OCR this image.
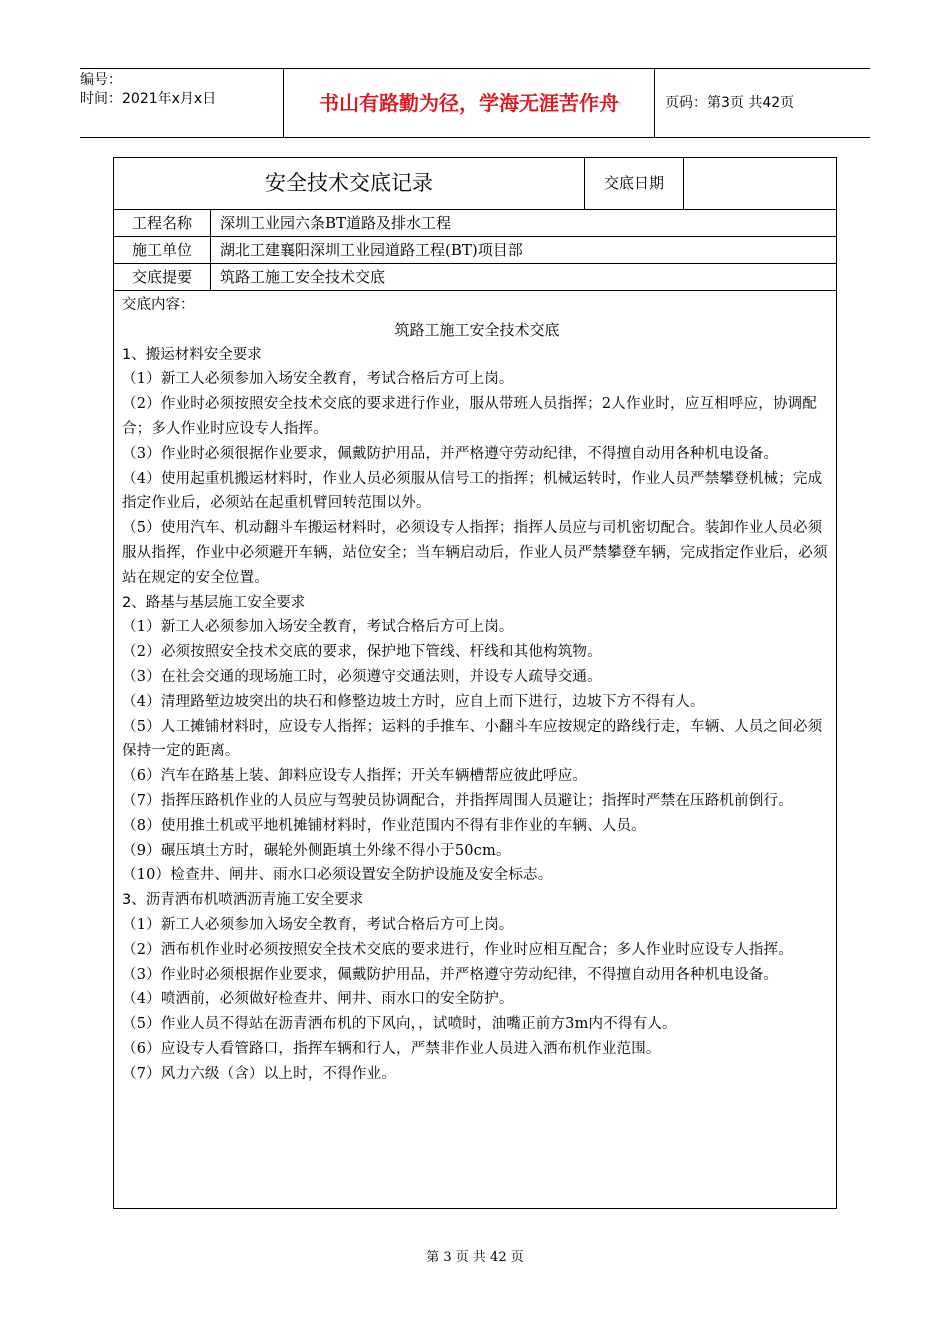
编号：
时间：2021年x月x日	书山有路勤为径，学海无涯苦作舟	页码：第3页 共42页
安全技术交底记录	交底日期
工程名称	深圳工业园六条BT道路及排水工程
施工单位	湖北工建襄阳深圳工业园道路工程(BT)项目部
交底提要	筑路工施工安全技术交底
交底内容：
筑路工施工安全技术交底
1、搬运材料安全要求

（1）新工人必须参加入场安全教育，考试合格后方可上岗。

（2）作业时必须按照安全技术交底的要求进行作业，服从带班人员指挥；2人作业时，应互相呼应，协调配合；多人作业时应设专人指挥。

（3）作业时必须很据作业要求，佩戴防护用品，并严格遵守劳动纪律，不得擅自动用各种机电设备。

（4）使用起重机搬运材料时，作业人员必须服从信号工的指挥；机械运转时，作业人员严禁攀登机械；完成指定作业后，必须站在起重机臂回转范围以外。

（5）使用汽车、机动翻斗车搬运材料时，必须设专人指挥；指挥人员应与司机密切配合。装卸作业人员必须服从指挥，作业中必须避开车辆，站位安全；当车辆启动后，作业人员严禁攀登车辆，完成指定作业后，必须站在规定的安全位置。

2、路基与基层施工安全要求

（1）新工人必须参加入场安全教育，考试合格后方可上岗。

（2）必须按照安全技术交底的要求，保护地下管线、杆线和其他构筑物。

（3）在社会交通的现场施工时，必须遵守交通法则，并设专人疏导交通。

（4）清理路堑边坡突出的块石和修整边坡土方时，应自上而下进行，边坡下方不得有人。

（5）人工摊铺材料时，应设专人指挥；运料的手推车、小翻斗车应按规定的路线行走，车辆、人员之间必须保持一定的距离。

（6）汽车在路基上装、卸料应设专人指挥；开关车辆槽帮应彼此呼应。

（7）指挥压路机作业的人员应与驾驶员协调配合，并指挥周围人员避让；指挥时严禁在压路机前倒行。

（8）使用推土机或平地机摊铺材料时，作业范围内不得有非作业的车辆、人员。

（9）碾压填土方时，碾轮外侧距填土外缘不得小于50cm。

（10）检查井、闸井、雨水口必须设置安全防护设施及安全标志。

3、沥青洒布机喷洒沥青施工安全要求

（1）新工人必须参加入场安全教育，考试合格后方可上岗。

（2）洒布机作业时必须按照安全技术交底的要求进行，作业时应相互配合；多人作业时应设专人指挥。

（3）作业时必须根据作业要求，佩戴防护用品，并严格遵守劳动纪律，不得擅自动用各种机电设备。

（4）喷洒前，必须做好检查井、闸井、雨水口的安全防护。

（5）作业人员不得站在沥青洒布机的下风向，，试喷时，油嘴正前方3m内不得有人。

（6）应设专人看管路口，指挥车辆和行人，严禁非作业人员进入洒布机作业范围。

（7）风力六级（含）以上时，不得作业。

第 3 页 共 42 页
